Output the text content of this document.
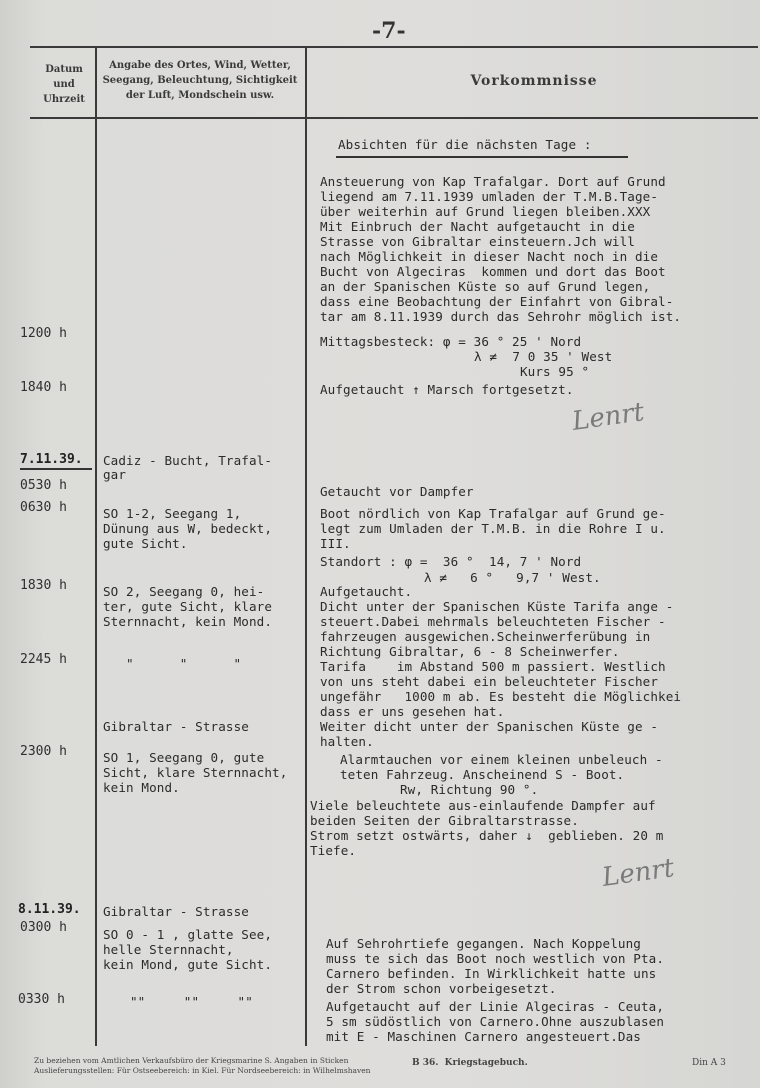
-7-
Datum und Uhrzeit
Angabe des Ortes, Wind, Wetter, Seegang, Beleuchtung, Sichtigkeit der Luft, Mondschein usw.
Vorkommnisse
7.11.39.
8.11.39.
1200 h
1840 h
0530 h
0630 h
1830 h
2245 h
2300 h
0300 h
0330 h
Cadiz - Bucht, Trafal-
gar
SO 1-2, Seegang 1,
Dünung aus W, bedeckt,
gute Sicht.
SO 2, Seegang 0, hei-
ter, gute Sicht, klare
Sternnacht, kein Mond.
"      "      "
Gibraltar - Strasse
SO 1, Seegang 0, gute
Sicht, klare Sternnacht,
kein Mond.
Gibraltar - Strasse
SO 0 - 1 , glatte See,
helle Sternnacht,
kein Mond, gute Sicht.
""     ""     ""
Absichten für die nächsten Tage :
Ansteuerung von Kap Trafalgar. Dort auf Grund
liegend am 7.11.1939 umladen der T.M.B.Tage-
über weiterhin auf Grund liegen bleiben.XXX
Mit Einbruch der Nacht aufgetaucht in die
Strasse von Gibraltar einsteuern.Jch will
nach Möglichkeit in dieser Nacht noch in die
Bucht von Algeciras  kommen und dort das Boot
an der Spanischen Küste so auf Grund legen,
dass eine Beobachtung der Einfahrt von Gibral-
tar am 8.11.1939 durch das Sehrohr möglich ist.
Mittagsbesteck: φ = 36 ° 25 ' Nord
λ ≠  7 0 35 ' West
Kurs 95 °
Aufgetaucht ↑ Marsch fortgesetzt.
Lenrt
Getaucht vor Dampfer
Boot nördlich von Kap Trafalgar auf Grund ge-
legt zum Umladen der T.M.B. in die Rohre I u.
III.
Standort : φ =  36 °  14, 7 ' Nord
λ ≠   6 °   9,7 ' West.
Aufgetaucht.
Dicht unter der Spanischen Küste Tarifa ange -
steuert.Dabei mehrmals beleuchteten Fischer -
fahrzeugen ausgewichen.Scheinwerferübung in
Richtung Gibraltar, 6 - 8 Scheinwerfer.
Tarifa    im Abstand 500 m passiert. Westlich
von uns steht dabei ein beleuchteter Fischer
ungefähr   1000 m ab. Es besteht die Möglichkei
dass er uns gesehen hat.
Weiter dicht unter der Spanischen Küste ge -
halten.
Alarmtauchen vor einem kleinen unbeleuch -
teten Fahrzeug. Anscheinend S - Boot.
Rw, Richtung 90 °.
Viele beleuchtete aus-einlaufende Dampfer auf
beiden Seiten der Gibraltarstrasse.
Strom setzt ostwärts, daher ↓  geblieben. 20 m
Tiefe.
Lenrt
Auf Sehrohrtiefe gegangen. Nach Koppelung
muss te sich das Boot noch westlich von Pta.
Carnero befinden. In Wirklichkeit hatte uns
der Strom schon vorbeigesetzt.
Aufgetaucht auf der Linie Algeciras - Ceuta,
5 sm südöstlich von Carnero.Ohne auszublasen
mit E - Maschinen Carnero angesteuert.Das
Zu beziehen vom Amtlichen Verkaufsbüro der Kriegsmarine S. Angaben in Sticken
Auslieferungsstellen: Für Ostseebereich: in Kiel. Für Nordseebereich: in Wilhelmshaven
B 36.  Kriegstagebuch.	Din A 3
